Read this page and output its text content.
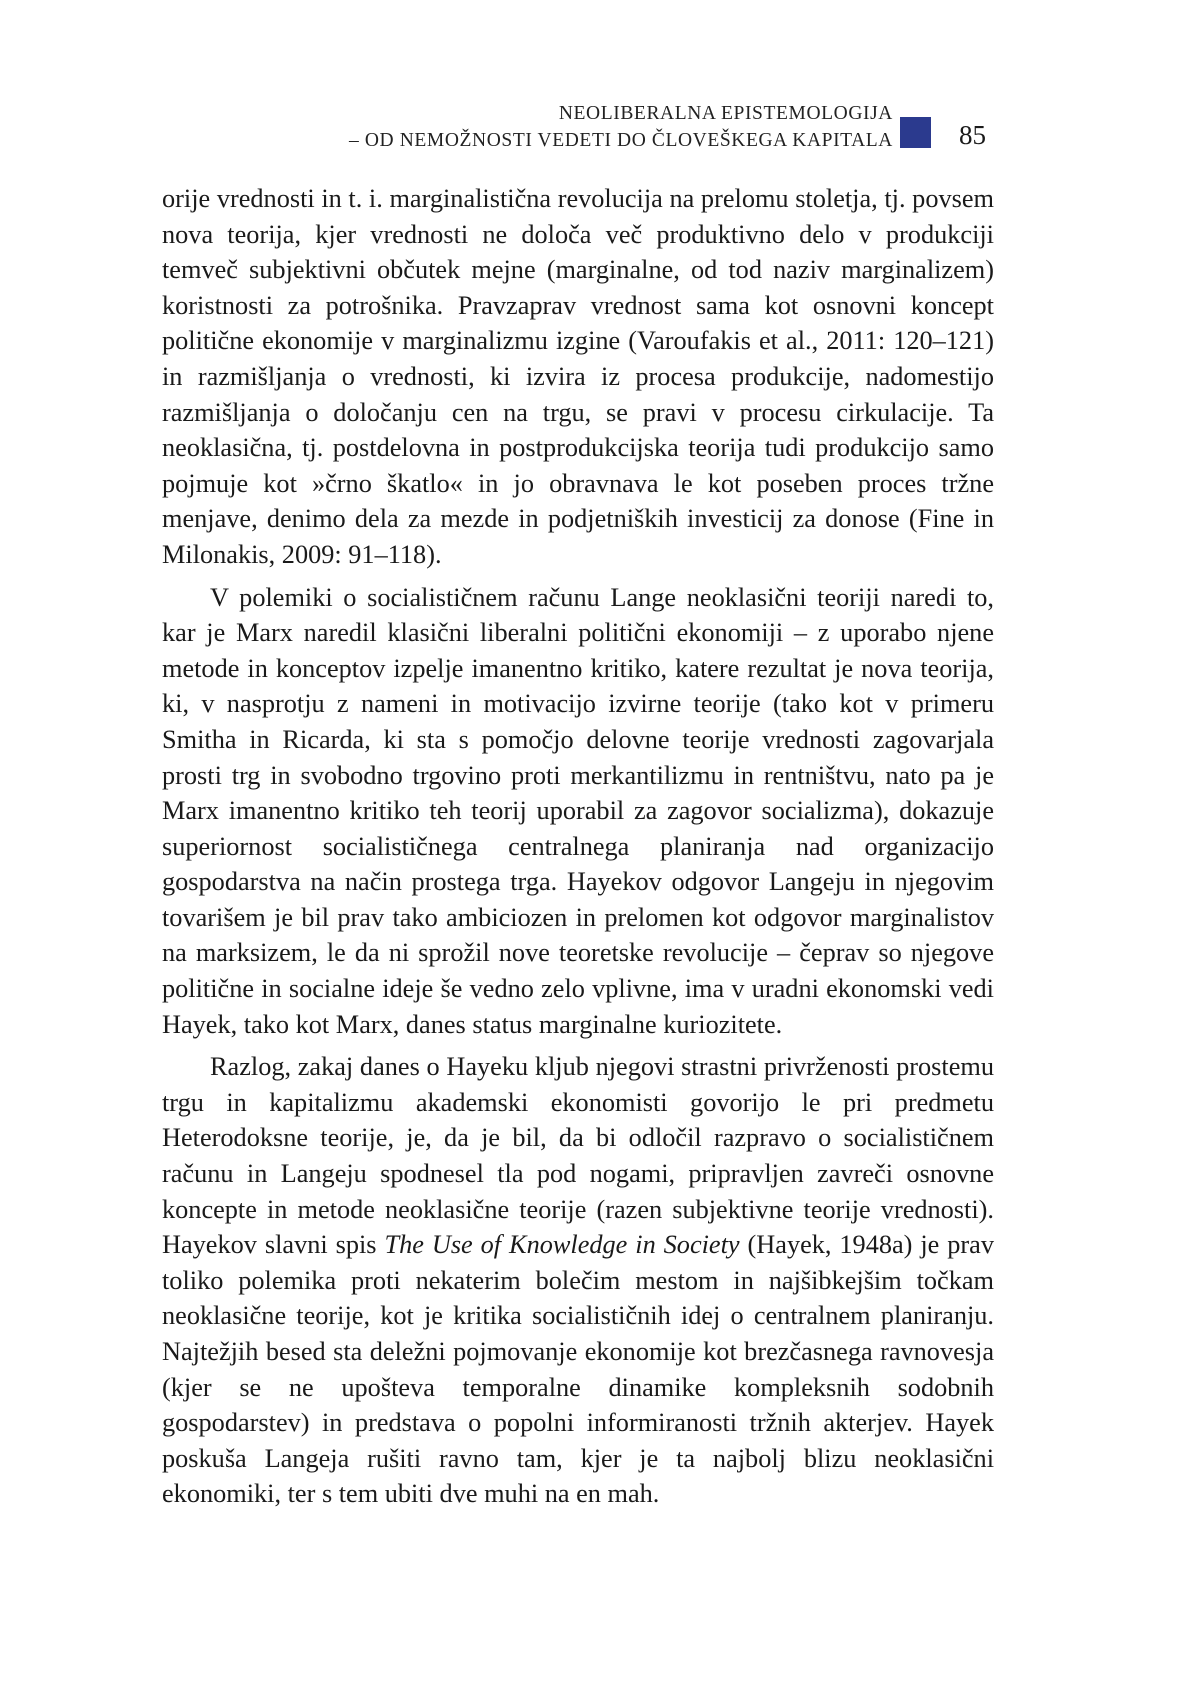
NEOLIBERALNA EPISTEMOLOGIJA
– OD NEMOŽNOSTI VEDETI DO ČLOVEŠKEGA KAPITALA 85

orije vrednosti in t. i. marginalistična revolucija na prelomu stoletja, tj. povsem nova teorija, kjer vrednosti ne določa več produktivno delo v produkciji temveč subjektivni občutek mejne (marginalne, od tod naziv marginalizem) koristnosti za potrošnika. Pravzaprav vrednost sama kot osnovni koncept politične ekonomije v marginalizmu izgine (Varoufakis et al., 2011: 120–121) in razmišljanja o vrednosti, ki izvira iz procesa produkcije, nadomestijo razmišljanja o določanju cen na trgu, se pravi v procesu cirkulacije. Ta neoklasična, tj. postdelovna in postprodukcijska teorija tudi produkcijo samo pojmuje kot »črno škatlo« in jo obravnava le kot poseben proces tržne menjave, denimo dela za mezde in podjetniških investicij za donose (Fine in Milonakis, 2009: 91–118).

V polemiki o socialističnem računu Lange neoklasični teoriji naredi to, kar je Marx naredil klasični liberalni politični ekonomiji – z uporabo njene metode in konceptov izpelje imanentno kritiko, katere rezultat je nova teorija, ki, v nasprotju z nameni in motivacijo izvirne teorije (tako kot v primeru Smitha in Ricarda, ki sta s pomočjo delovne teorije vrednosti zagovarjala prosti trg in svobodno trgovino proti merkantilizmu in rentništvu, nato pa je Marx imanentno kritiko teh teorij uporabil za zagovor socializma), dokazuje superiornost socialističnega centralnega planiranja nad organizacijo gospodarstva na način prostega trga. Hayekov odgovor Langeju in njegovim tovarišem je bil prav tako ambiciozen in prelomen kot odgovor marginalistov na marksizem, le da ni sprožil nove teoretske revolucije – čeprav so njegove politične in socialne ideje še vedno zelo vplivne, ima v uradni ekonomski vedi Hayek, tako kot Marx, danes status marginalne kuriozitete.

Razlog, zakaj danes o Hayeku kljub njegovi strastni privrženosti prostemu trgu in kapitalizmu akademski ekonomisti govorijo le pri predmetu Heterodoksne teorije, je, da je bil, da bi odločil razpravo o socialističnem računu in Langeju spodnesel tla pod nogami, pripravljen zavreči osnovne koncepte in metode neoklasične teorije (razen subjektivne teorije vrednosti). Hayekov slavni spis The Use of Knowledge in Society (Hayek, 1948a) je prav toliko polemika proti nekaterim bolečim mestom in najšibkejšim točkam neoklasične teorije, kot je kritika socialističnih idej o centralnem planiranju. Najtežjih besed sta deležni pojmovanje ekonomije kot brezčasnega ravnovesja (kjer se ne upošteva temporalne dinamike kompleksnih sodobnih gospodarstev) in predstava o popolni informiranosti tržnih akterjev. Hayek poskuša Langeja rušiti ravno tam, kjer je ta najbolj blizu neoklasični ekonomiki, ter s tem ubiti dve muhi na en mah.
